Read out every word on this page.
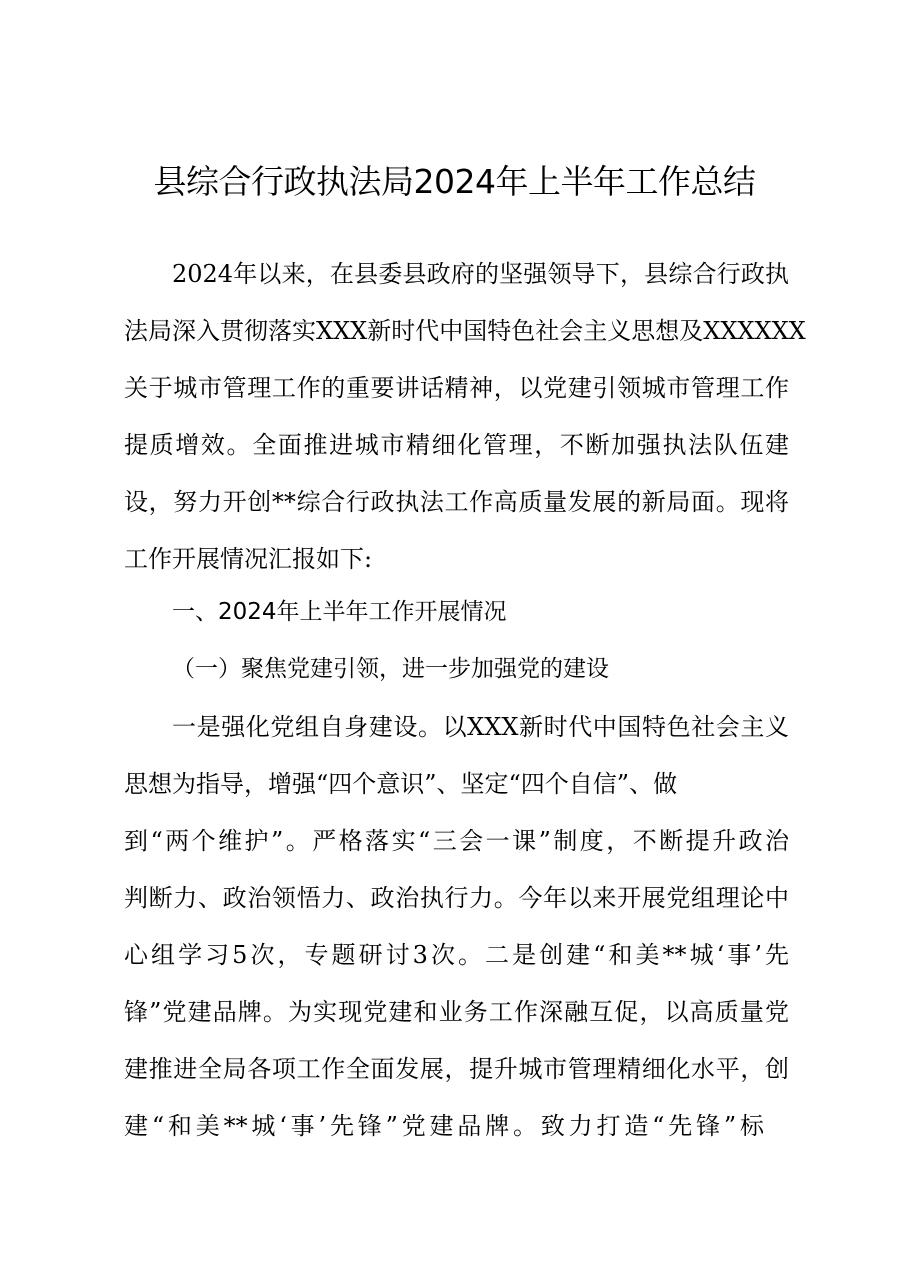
县综合行政执法局2024年上半年工作总结
2024年以来，在县委县政府的坚强领导下，县综合行政执
法局深入贯彻落实XXX新时代中国特色社会主义思想及XXXXXX
关于城市管理工作的重要讲话精神，以党建引领城市管理工作
提质增效。全面推进城市精细化管理，不断加强执法队伍建
设，努力开创**综合行政执法工作高质量发展的新局面。现将
工作开展情况汇报如下:
一、2024年上半年工作开展情况
（一）聚焦党建引领，进一步加强党的建设
一是强化党组自身建设。以XXX新时代中国特色社会主义
思想为指导，增强“四个意识”、坚定“四个自信”、做
到“两个维护”。严格落实“三会一课”制度，不断提升政治
判断力、政治领悟力、政治执行力。今年以来开展党组理论中
心组学习5次，专题研讨3次。二是创建“和美**城‘事’先
锋”党建品牌。为实现党建和业务工作深融互促，以高质量党
建推进全局各项工作全面发展，提升城市管理精细化水平，创
建“和美**城‘事’先锋”党建品牌。致力打造“先锋”标
